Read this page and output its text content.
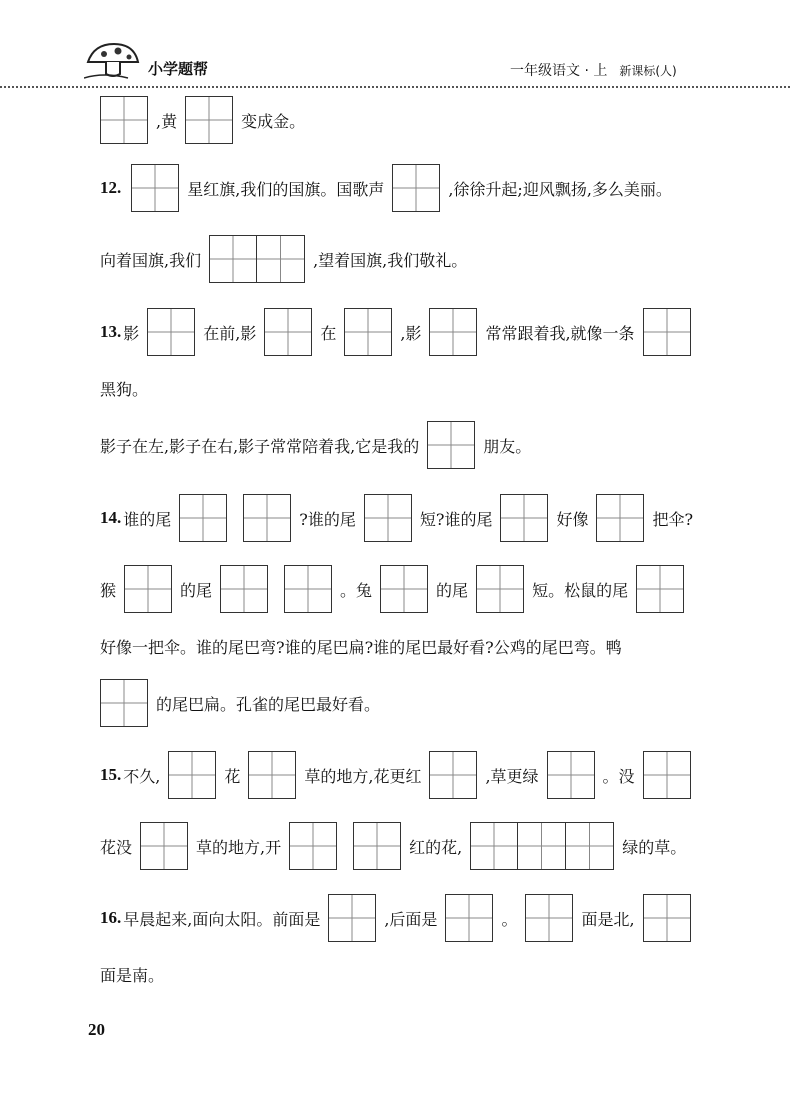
小学题帮	一年级语文 · 上 新课标(人)
,黄	变成金。
12.	星红旗,我们的国旗。国歌声	,徐徐升起;迎风飘扬,多么美丽。
向着国旗,我们	,望着国旗,我们敬礼。
13. 影	在前,影	在	,影	常常跟着我,就像一条
黑狗。
影子在左,影子在右,影子常常陪着我,它是我的	朋友。
14. 谁的尾	?谁的尾	短?谁的尾	好像	把伞?
猴	的尾	。兔	的尾	短。松鼠的尾
好像一把伞。谁的尾巴弯?谁的尾巴扁?谁的尾巴最好看?公鸡的尾巴弯。鸭
的尾巴扁。孔雀的尾巴最好看。
15. 不久,	花	草的地方,花更红	,草更绿	。没
花没	草的地方,开	红的花,	绿的草。
16. 早晨起来,面向太阳。前面是	,后面是	。	面是北,
面是南。
20
